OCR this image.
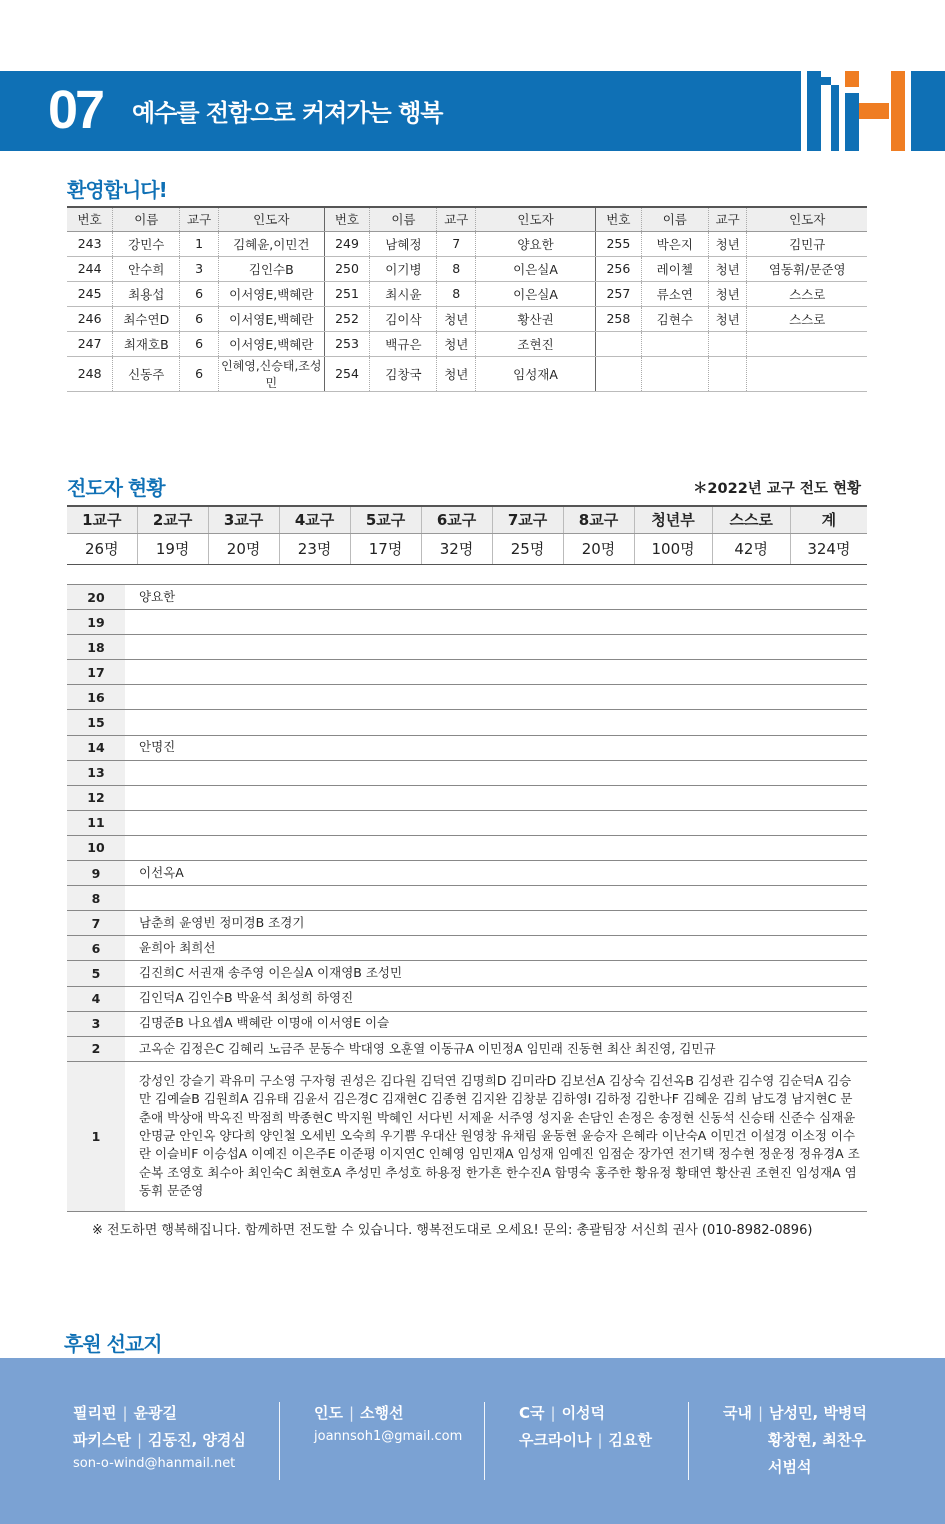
07 예수를 전함으로 커져가는 행복
환영합니다!
번호	이름	교구	인도자	번호	이름	교구	인도자	번호	이름	교구	인도자
243	강민수	1	김혜윤,이민건	249	남혜정	7	양요한	255	박은지	청년	김민규
244	안수희	3	김인수B	250	이기병	8	이은실A	256	레이첼	청년	염동휘/문준영
245	최용섭	6	이서영E,백혜란	251	최시윤	8	이은실A	257	류소연	청년	스스로
246	최수연D	6	이서영E,백혜란	252	김이삭	청년	황산권	258	김현수	청년	스스로
247	최재호B	6	이서영E,백혜란	253	백규은	청년	조현진				
248	신동주	6	인혜영,신승태,조성민	254	김창국	청년	임성재A				
전도자 현황	＊2022년 교구 전도 현황
1교구	2교구	3교구	4교구	5교구	6교구	7교구	8교구	청년부	스스로	계
26명	19명	20명	23명	17명	32명	25명	20명	100명	42명	324명
20	양요한
19	
18	
17	
16	
15	
14	안명진
13	
12	
11	
10	
9	이선옥A
8	
7	남춘희 윤영빈 정미경B 조경기
6	윤희아 최희선
5	김진희C 서권재 송주영 이은실A 이재영B 조성민
4	김인덕A 김인수B 박윤석 최성희 하영진
3	김명준B 나요셉A 백혜란 이명애 이서영E 이슬
2	고옥순 김정은C 김혜리 노금주 문동수 박대영 오훈열 이동규A 이민정A 임민래 진동현 최산 최진영, 김민규
1	강성인 강슬기 곽유미 구소영 구자형 권성은 김다원 김덕연 김명희D 김미라D 김보선A 김상숙 김선옥B 김성관 김수영 김순덕A 김승만 김예슬B 김원희A 김유태 김윤서 김은경C 김재현C 김종현 김지완 김창분 김하영I 김하정 김한나F 김혜운 김희 남도경 남지현C 문춘애 박상애 박옥진 박점희 박종현C 박지원 박혜인 서다빈 서제윤 서주영 성지윤 손담인 손정은 송정현 신동석 신승태 신준수 심재윤 안명균 안인옥 양다희 양인철 오세빈 오숙희 우기쁨 우대산 원영창 유채림 윤동현 윤승자 은혜라 이난숙A 이민건 이설경 이소정 이수란 이슬비F 이승섭A 이예진 이은주E 이준평 이지연C 인혜영 임민재A 임성재 임예진 임점순 장가연 전기택 정수현 정운정 정유경A 조순복 조영호 최수아 최인숙C 최현호A 추성민 추성호 하용정 한가흔 한수진A 함명숙 홍주한 황유정 황태연 황산권 조현진 임성재A 염동휘 문준영
※ 전도하면 행복해집니다. 함께하면 전도할 수 있습니다. 행복전도대로 오세요! 문의: 총괄팀장 서신희 권사 (010-8982-0896)
후원 선교지
필리핀 | 윤광길
파키스탄 | 김동진, 양경심
son-o-wind@hanmail.net
인도 | 소행선
joannsoh1@gmail.com
C국 | 이성덕
우크라이나 | 김요한
국내 | 남성민, 박병덕
황창현, 최찬우
서범석
